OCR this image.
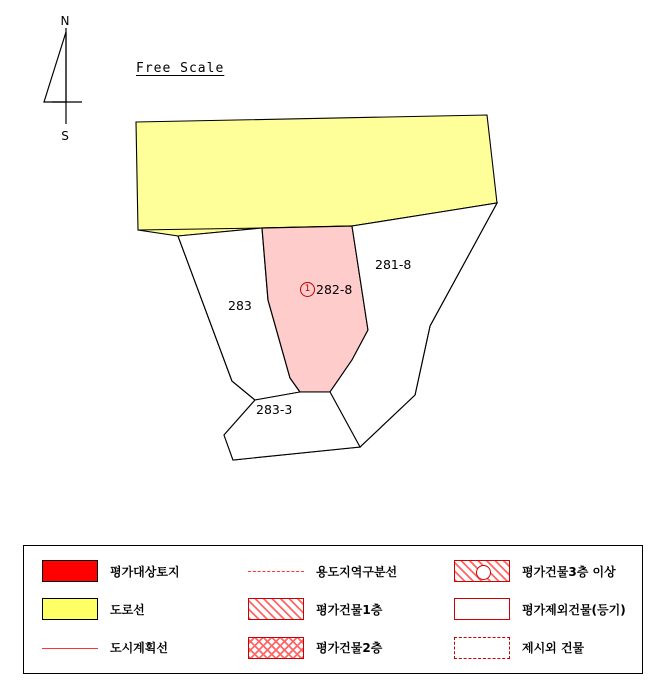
N
S
Free Scale
283
281-8
283-3
1 282-8
평가대상토지	용도지역구분선	평가건물3층 이상
도로선	평가건물1층	평가제외건물(등기)
도시계획선	평가건물2층	제시외 건물
